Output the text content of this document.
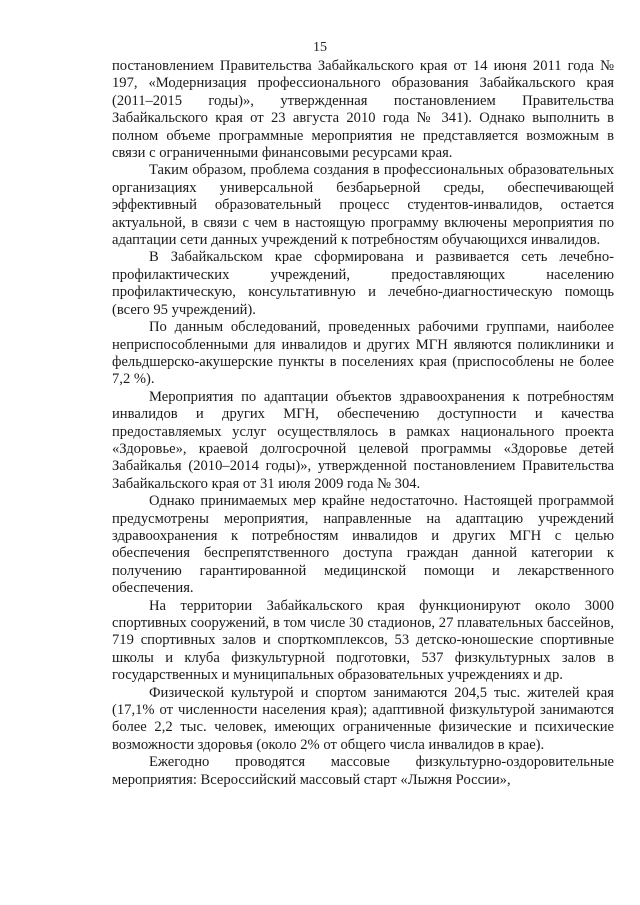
15

постановлением Правительства Забайкальского края от 14 июня 2011 года № 197, «Модернизация профессионального образования Забайкальского края (2011–2015 годы)», утвержденная постановлением Правительства Забайкальского края от 23 августа 2010 года № 341). Однако выполнить в полном объеме программные мероприятия не представляется возможным в связи с ограниченными финансовыми ресурсами края.

Таким образом, проблема создания в профессиональных образовательных организациях универсальной безбарьерной среды, обеспечивающей эффективный образовательный процесс студентов-инвалидов, остается актуальной, в связи с чем в настоящую программу включены мероприятия по адаптации сети данных учреждений к потребностям обучающихся инвалидов.

В Забайкальском крае сформирована и развивается сеть лечебно-профилактических учреждений, предоставляющих населению профилактическую, консультативную и лечебно-диагностическую помощь (всего 95 учреждений).

По данным обследований, проведенных рабочими группами, наиболее неприспособленными для инвалидов и других МГН являются поликлиники и фельдшерско-акушерские пункты в поселениях края (приспособлены не более 7,2 %).

Мероприятия по адаптации объектов здравоохранения к потребностям инвалидов и других МГН, обеспечению доступности и качества предоставляемых услуг осуществлялось в рамках национального проекта «Здоровье», краевой долгосрочной целевой программы «Здоровье детей Забайкалья (2010–2014 годы)», утвержденной постановлением Правительства Забайкальского края от 31 июля 2009 года № 304.

Однако принимаемых мер крайне недостаточно. Настоящей программой предусмотрены мероприятия, направленные на адаптацию учреждений здравоохранения к потребностям инвалидов и других МГН с целью обеспечения беспрепятственного доступа граждан данной категории к получению гарантированной медицинской помощи и лекарственного обеспечения.

На территории Забайкальского края функционируют около 3000 спортивных сооружений, в том числе 30 стадионов, 27 плавательных бассейнов, 719 спортивных залов и спорткомплексов, 53 детско-юношеские спортивные школы и клуба физкультурной подготовки, 537 физкультурных залов в государственных и муниципальных образовательных учреждениях и др.

Физической культурой и спортом занимаются 204,5 тыс. жителей края (17,1% от численности населения края); адаптивной физкультурой занимаются более 2,2 тыс. человек, имеющих ограниченные физические и психические возможности здоровья (около 2% от общего числа инвалидов в крае).

Ежегодно проводятся массовые физкультурно-оздоровительные мероприятия: Всероссийский массовый старт «Лыжня России»,
